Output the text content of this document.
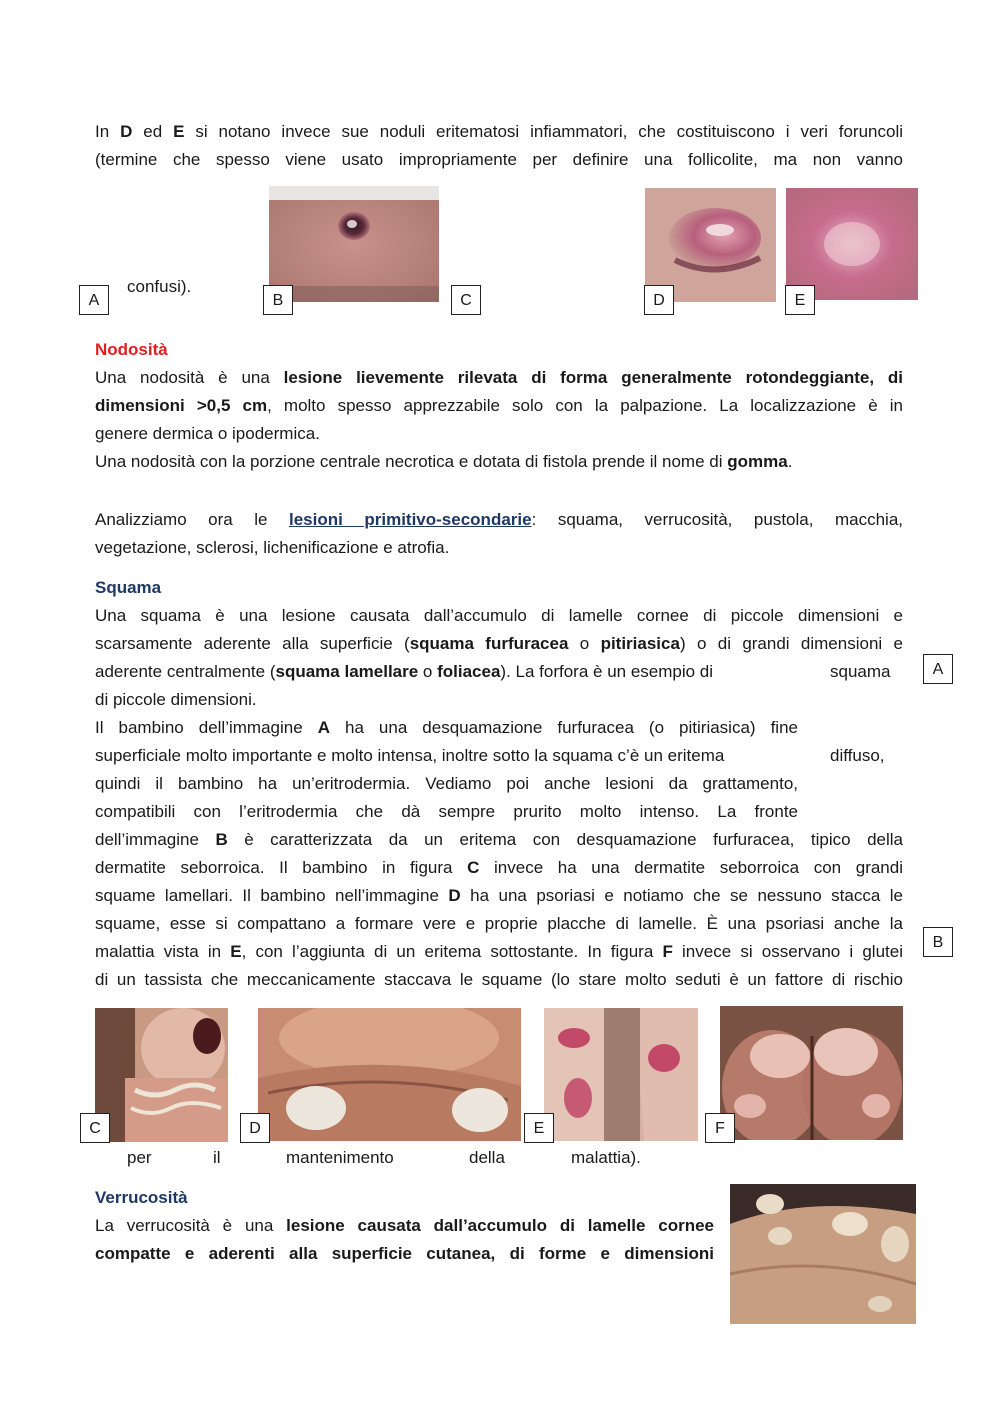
In D ed E si notano invece sue noduli eritematosi infiammatori, che costituiscono i veri foruncoli
(termine che spesso viene usato impropriamente per definire una follicolite, ma non vanno
confusi).
A	B	C	D	E
Nodosità
Una nodosità è una lesione lievemente rilevata di forma generalmente rotondeggiante, di
dimensioni >0,5 cm, molto spesso apprezzabile solo con la palpazione. La localizzazione è in
genere dermica o ipodermica.
Una nodosità con la porzione centrale necrotica e dotata di fistola prende il nome di gomma.
Analizziamo ora le lesioni primitivo-secondarie: squama, verrucosità, pustola, macchia,
vegetazione, sclerosi, lichenificazione e atrofia.
Squama
Una squama è una lesione causata dall’accumulo di lamelle cornee di piccole dimensioni e
scarsamente aderente alla superficie (squama furfuracea o pitiriasica) o di grandi dimensioni e
aderente centralmente (squama lamellare o foliacea). La forfora è un esempio di	squama
di piccole dimensioni.
Il bambino dell’immagine A ha una desquamazione furfuracea (o pitiriasica) fine
superficiale molto importante e molto intensa, inoltre sotto la squama c’è un eritema	diffuso,
quindi il bambino ha un’eritrodermia. Vediamo poi anche lesioni da grattamento,
compatibili con l’eritrodermia che dà sempre prurito molto intenso. La fronte
dell’immagine B è caratterizzata da un eritema con desquamazione furfuracea, tipico della
dermatite seborroica. Il bambino in figura C invece ha una dermatite seborroica con grandi
squame lamellari. Il bambino nell’immagine D ha una psoriasi e notiamo che se nessuno stacca le
squame, esse si compattano a formare vere e proprie placche di lamelle. È una psoriasi anche la
malattia vista in E, con l’aggiunta di un eritema sottostante. In figura F invece si osservano i glutei
di un tassista che meccanicamente staccava le squame (lo stare molto seduti è un fattore di rischio
A
B
C	D	E	F
per	il	mantenimento	della	malattia).
Verrucosità
La verrucosità è una lesione causata dall’accumulo di lamelle cornee
compatte e aderenti alla superficie cutanea, di forme e dimensioni
